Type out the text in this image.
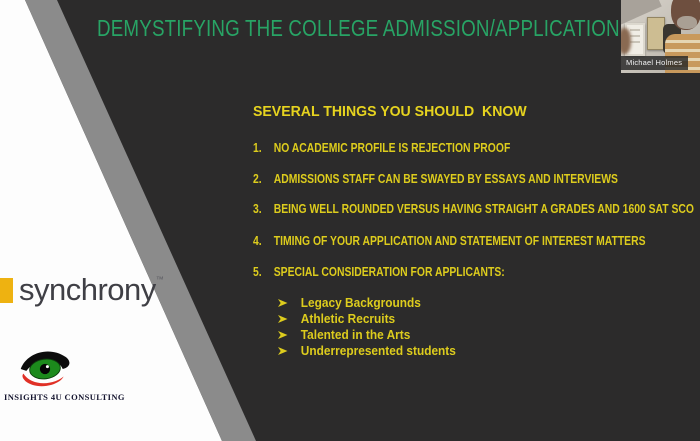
DEMYSTIFYING THE COLLEGE ADMISSION/APPLICATION
SEVERAL THINGS YOU SHOULD  KNOW
1. NO ACADEMIC PROFILE IS REJECTION PROOF
2. ADMISSIONS STAFF CAN BE SWAYED BY ESSAYS AND INTERVIEWS
3. BEING WELL ROUNDED VERSUS HAVING STRAIGHT A GRADES AND 1600 SAT SCO
4. TIMING OF YOUR APPLICATION AND STATEMENT OF INTEREST MATTERS
5. SPECIAL CONSIDERATION FOR APPLICANTS:
Legacy Backgrounds
Athletic Recruits
Talented in the Arts
Underrepresented students
synchrony™
INSIGHTS 4U CONSULTING
Michael Holmes
